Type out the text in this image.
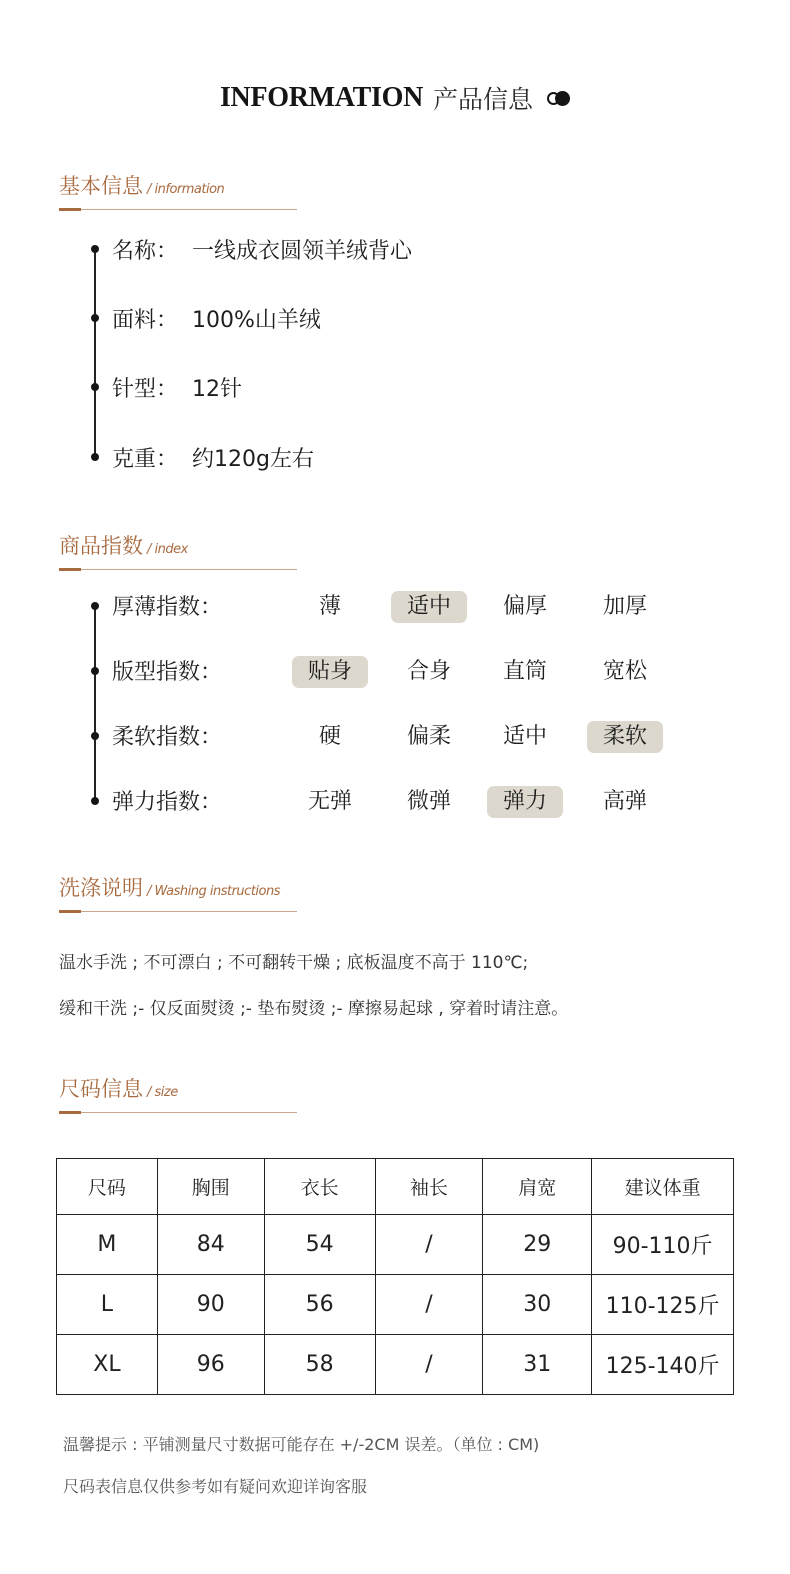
INFORMATION 产品信息
基本信息 / information
名称： 一线成衣圆领羊绒背心
面料： 100%山羊绒
针型： 12针
克重： 约120g左右
商品指数 / index
厚薄指数：	薄	适中	偏厚	加厚
版型指数：	贴身	合身	直筒	宽松
柔软指数：	硬	偏柔	适中	柔软
弹力指数：	无弹	微弹	弹力	高弹
洗涤说明 / Washing instructions
温水手洗 ; 不可漂白 ; 不可翻转干燥 ; 底板温度不高于 110℃;
缓和干洗 ;- 仅反面熨烫 ;- 垫布熨烫 ;- 摩擦易起球 , 穿着时请注意。
尺码信息 / size
尺码	胸围	衣长	袖长	肩宽	建议体重
M	84	54	/	29	90-110斤
L	90	56	/	30	110-125斤
XL	96	58	/	31	125-140斤
温馨提示 : 平铺测量尺寸数据可能存在 +/-2CM 误差。（单位 : CM)
尺码表信息仅供参考如有疑问欢迎详询客服
